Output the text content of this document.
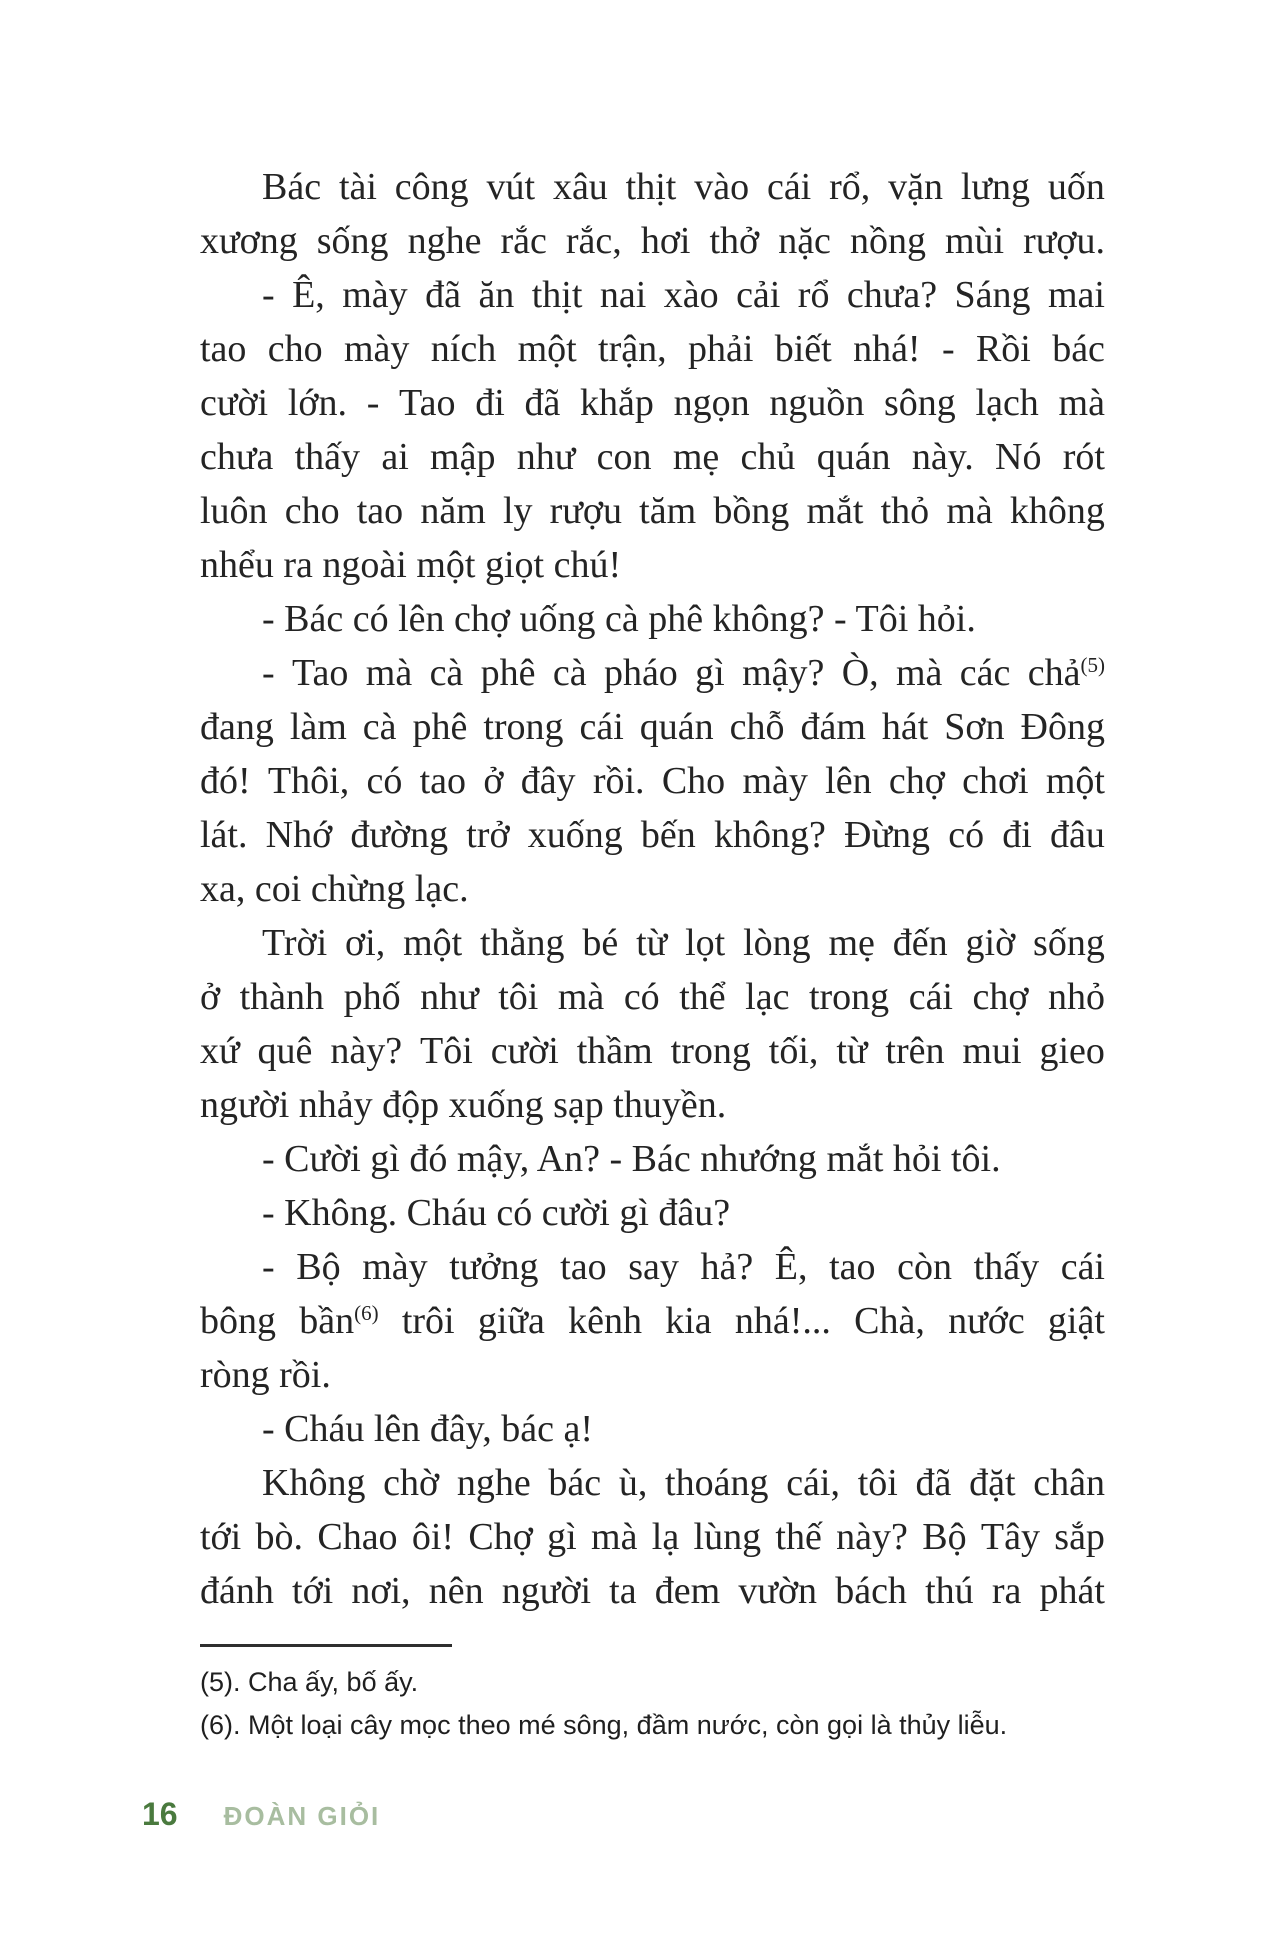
Bác tài công vút xâu thịt vào cái rổ, vặn lưng uốn
xương sống nghe rắc rắc, hơi thở nặc nồng mùi rượu.
- Ê, mày đã ăn thịt nai xào cải rổ chưa? Sáng mai
tao cho mày ních một trận, phải biết nhá! - Rồi bác
cười lớn. - Tao đi đã khắp ngọn nguồn sông lạch mà
chưa thấy ai mập như con mẹ chủ quán này. Nó rót
luôn cho tao năm ly rượu tăm bồng mắt thỏ mà không
nhểu ra ngoài một giọt chú!
- Bác có lên chợ uống cà phê không? - Tôi hỏi.
- Tao mà cà phê cà pháo gì mậy? Ò, mà các chả$^{(5)}$
đang làm cà phê trong cái quán chỗ đám hát Sơn Đông
đó! Thôi, có tao ở đây rồi. Cho mày lên chợ chơi một
lát. Nhớ đường trở xuống bến không? Đừng có đi đâu
xa, coi chừng lạc.
Trời ơi, một thằng bé từ lọt lòng mẹ đến giờ sống
ở thành phố như tôi mà có thể lạc trong cái chợ nhỏ
xứ quê này? Tôi cười thầm trong tối, từ trên mui gieo
người nhảy độp xuống sạp thuyền.
- Cười gì đó mậy, An? - Bác nhướng mắt hỏi tôi.
- Không. Cháu có cười gì đâu?
- Bộ mày tưởng tao say hả? Ê, tao còn thấy cái
bông bần$^{(6)}$ trôi giữa kênh kia nhá!... Chà, nước giật
ròng rồi.
- Cháu lên đây, bác ạ!
Không chờ nghe bác ù, thoáng cái, tôi đã đặt chân
tới bò. Chao ôi! Chợ gì mà lạ lùng thế này? Bộ Tây sắp
đánh tới nơi, nên người ta đem vườn bách thú ra phát
(5). Cha ấy, bố ấy.
(6). Một loại cây mọc theo mé sông, đầm nước, còn gọi là thủy liễu.
16 ĐOÀN GIỎI
